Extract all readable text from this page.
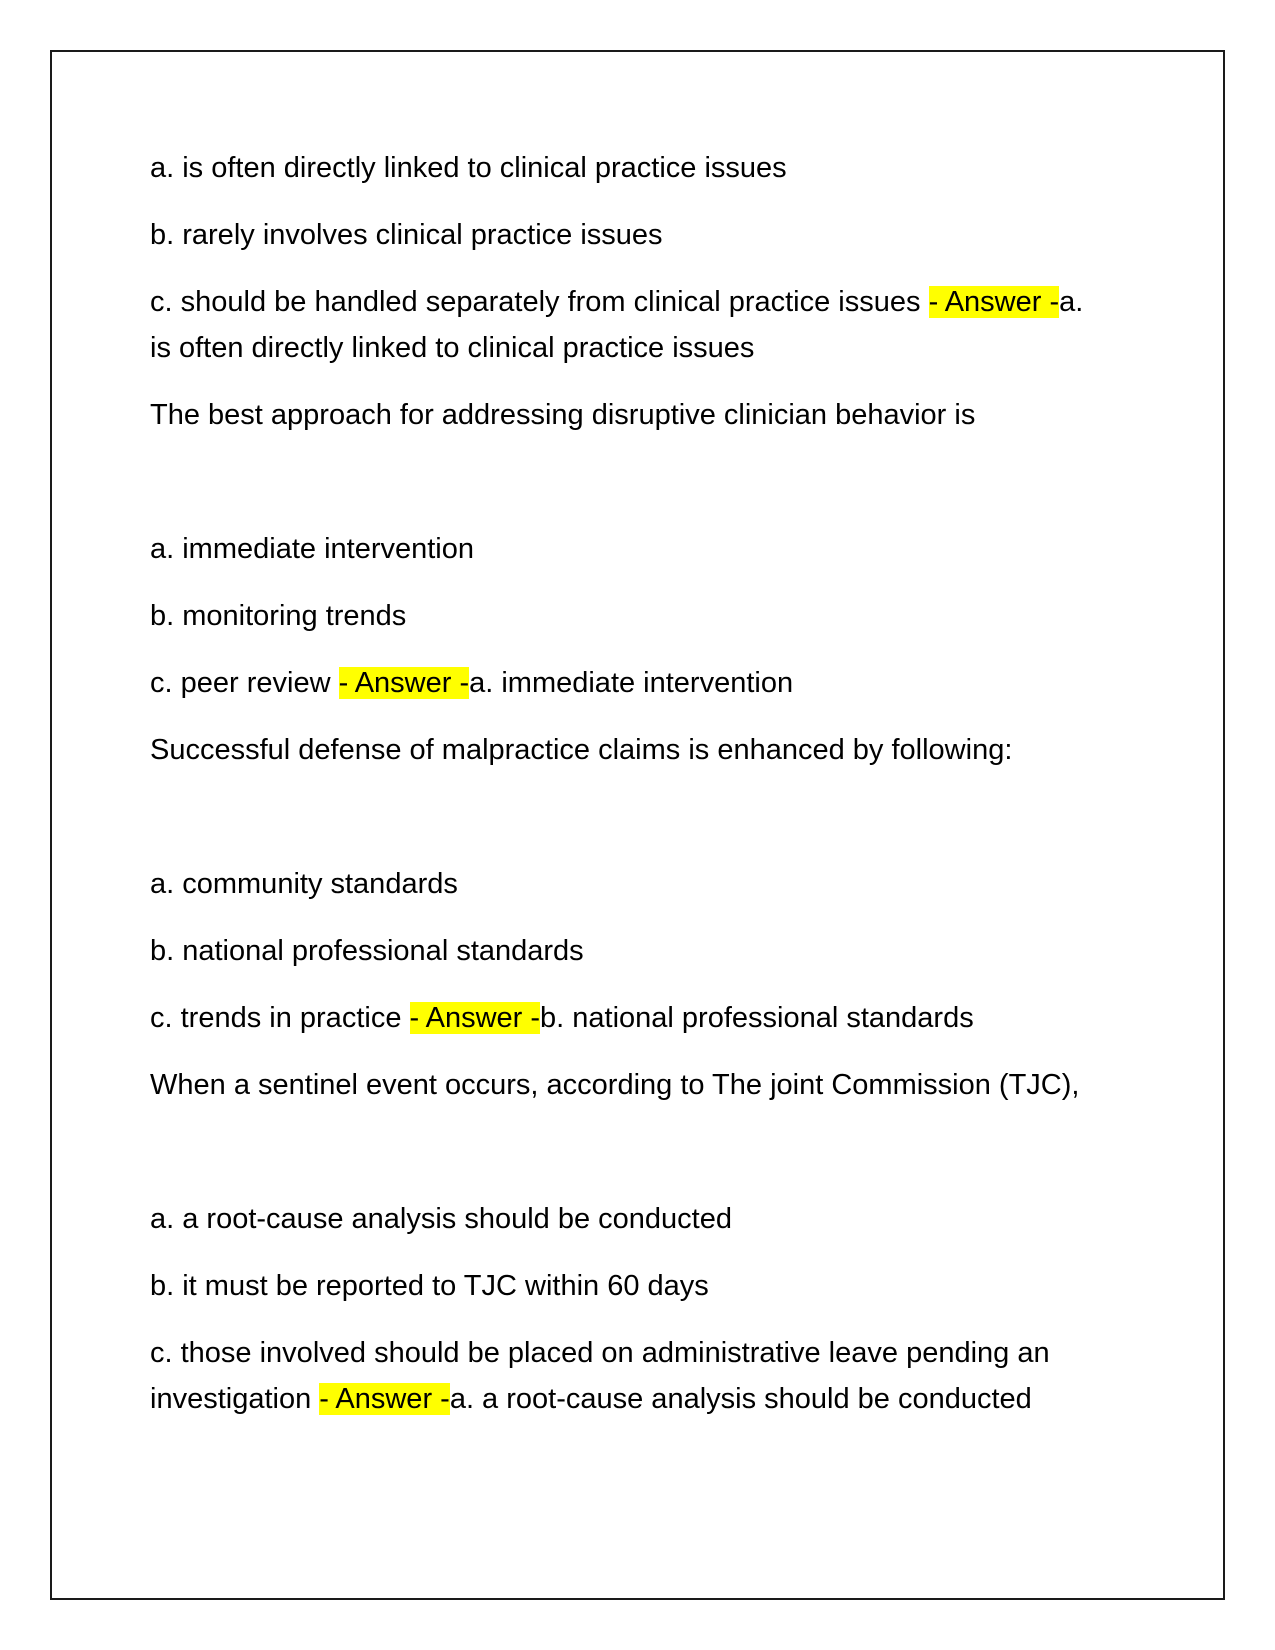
a. is often directly linked to clinical practice issues
b. rarely involves clinical practice issues
c. should be handled separately from clinical practice issues - Answer -a.
is often directly linked to clinical practice issues
The best approach for addressing disruptive clinician behavior is
a. immediate intervention
b. monitoring trends
c. peer review - Answer -a. immediate intervention
Successful defense of malpractice claims is enhanced by following:
a. community standards
b. national professional standards
c. trends in practice - Answer -b. national professional standards
When a sentinel event occurs, according to The joint Commission (TJC),
a. a root-cause analysis should be conducted
b. it must be reported to TJC within 60 days
c. those involved should be placed on administrative leave pending an
investigation - Answer -a. a root-cause analysis should be conducted
